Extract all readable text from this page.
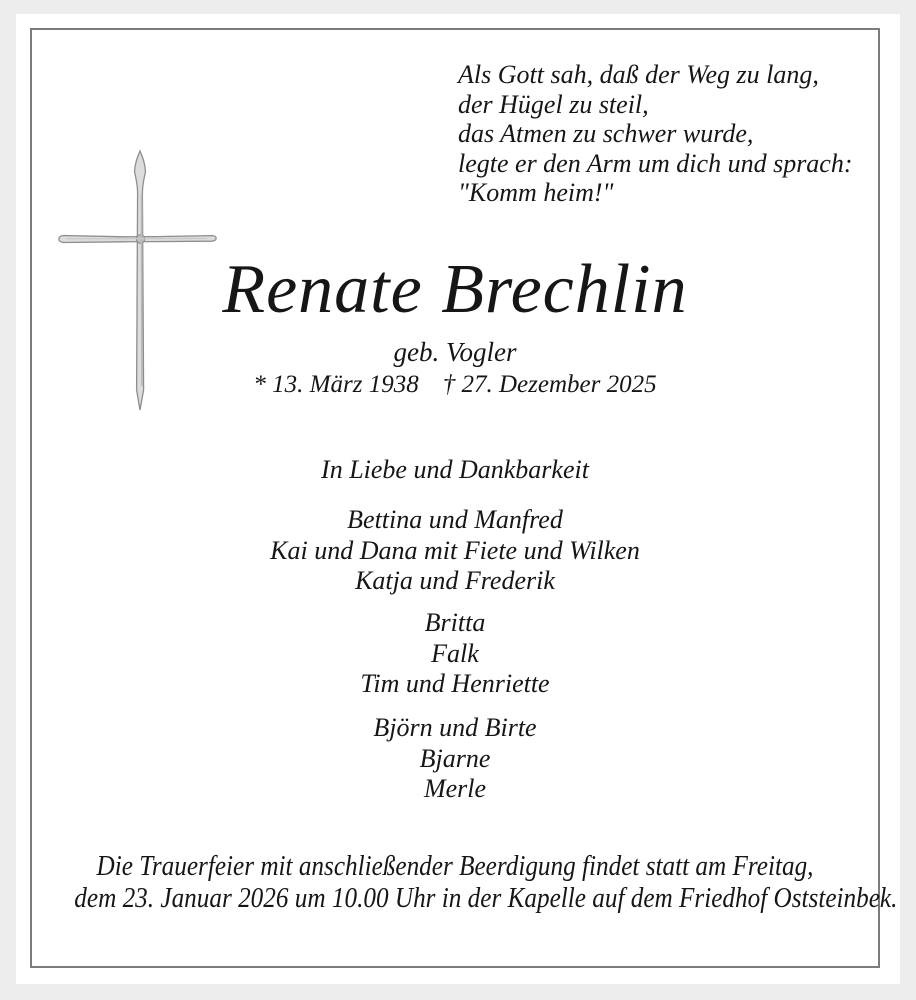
Als Gott sah, daß der Weg zu lang,
der Hügel zu steil,
das Atmen zu schwer wurde,
legte er den Arm um dich und sprach:
"Komm heim!"
Renate Brechlin
geb. Vogler
* 13. März 1938 † 27. Dezember 2025
In Liebe und Dankbarkeit
Bettina und Manfred
Kai und Dana mit Fiete und Wilken
Katja und Frederik
Britta
Falk
Tim und Henriette
Björn und Birte
Bjarne
Merle
Die Trauerfeier mit anschließender Beerdigung findet statt am Freitag,
dem 23. Januar 2026 um 10.00 Uhr in der Kapelle auf dem Friedhof Oststeinbek.
